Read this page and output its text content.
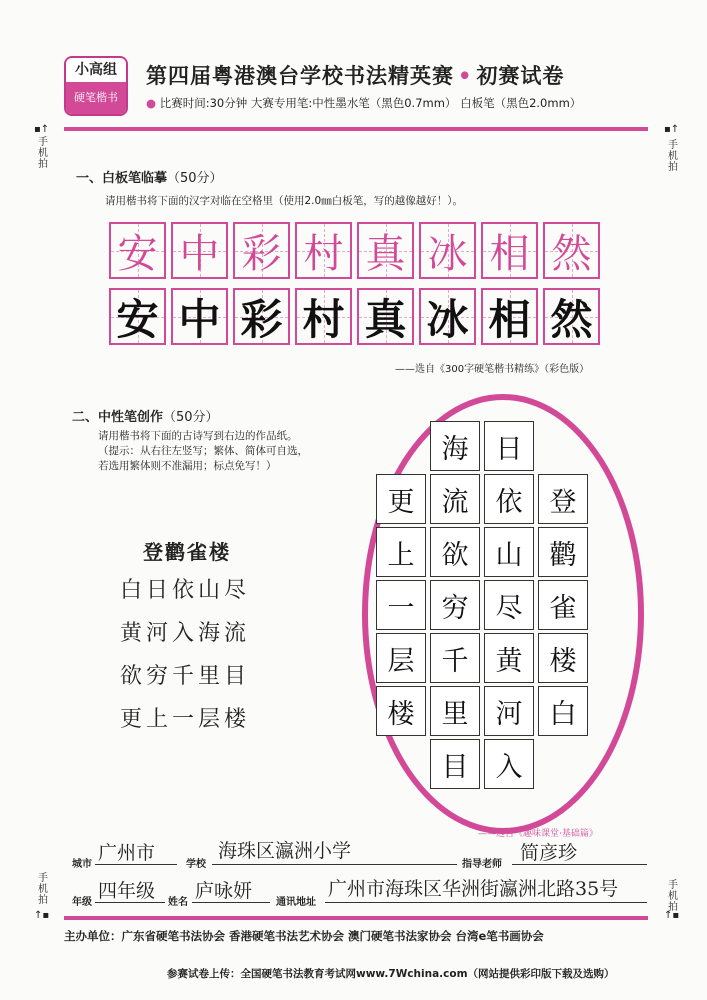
小高组
硬笔楷书
第四届粤港澳台学校书法精英赛 • 初赛试卷
● 比赛时间:30分钟 大赛专用笔:中性墨水笔（黑色0.7mm） 白板笔（黑色2.0mm）
▪↑
手机拍
▪↑
手机拍
一、白板笔临摹（50分）
请用楷书将下面的汉字对临在空格里（使用2.0㎜白板笔，写的越像越好！）。
安 中 彩 村 真 冰 相 然
安 中 彩 村 真 冰 相 然
——选自《300字硬笔楷书精练》（彩色版）
二、中性笔创作（50分）
请用楷书将下面的古诗写到右边的作品纸。
（提示：从右往左竖写；繁体、简体可自选，
若选用繁体则不准漏用；标点免写！）
登鹳雀楼
白日依山尽
黄河入海流
欲穷千里目
更上一层楼
登
鹳
雀
楼
白
日
依
山
尽
黄
河
入
海
流
欲
穷
千
里
目
更
上
一
层
楼
——选自《趣味课堂·基础篇》
城市
广州市
学校
海珠区瀛洲小学
指导老师
简彦珍
年级
四年级
姓名
庐咏妍
通讯地址
广州市海珠区华洲街瀛洲北路35号
手机拍
↑▪
手机拍
↑▪
主办单位：广东省硬笔书法协会 香港硬笔书法艺术协会 澳门硬笔书法家协会 台湾e笔书画协会
参赛试卷上传：全国硬笔书法教育考试网www.7Wchina.com（网站提供彩印版下载及选购）
